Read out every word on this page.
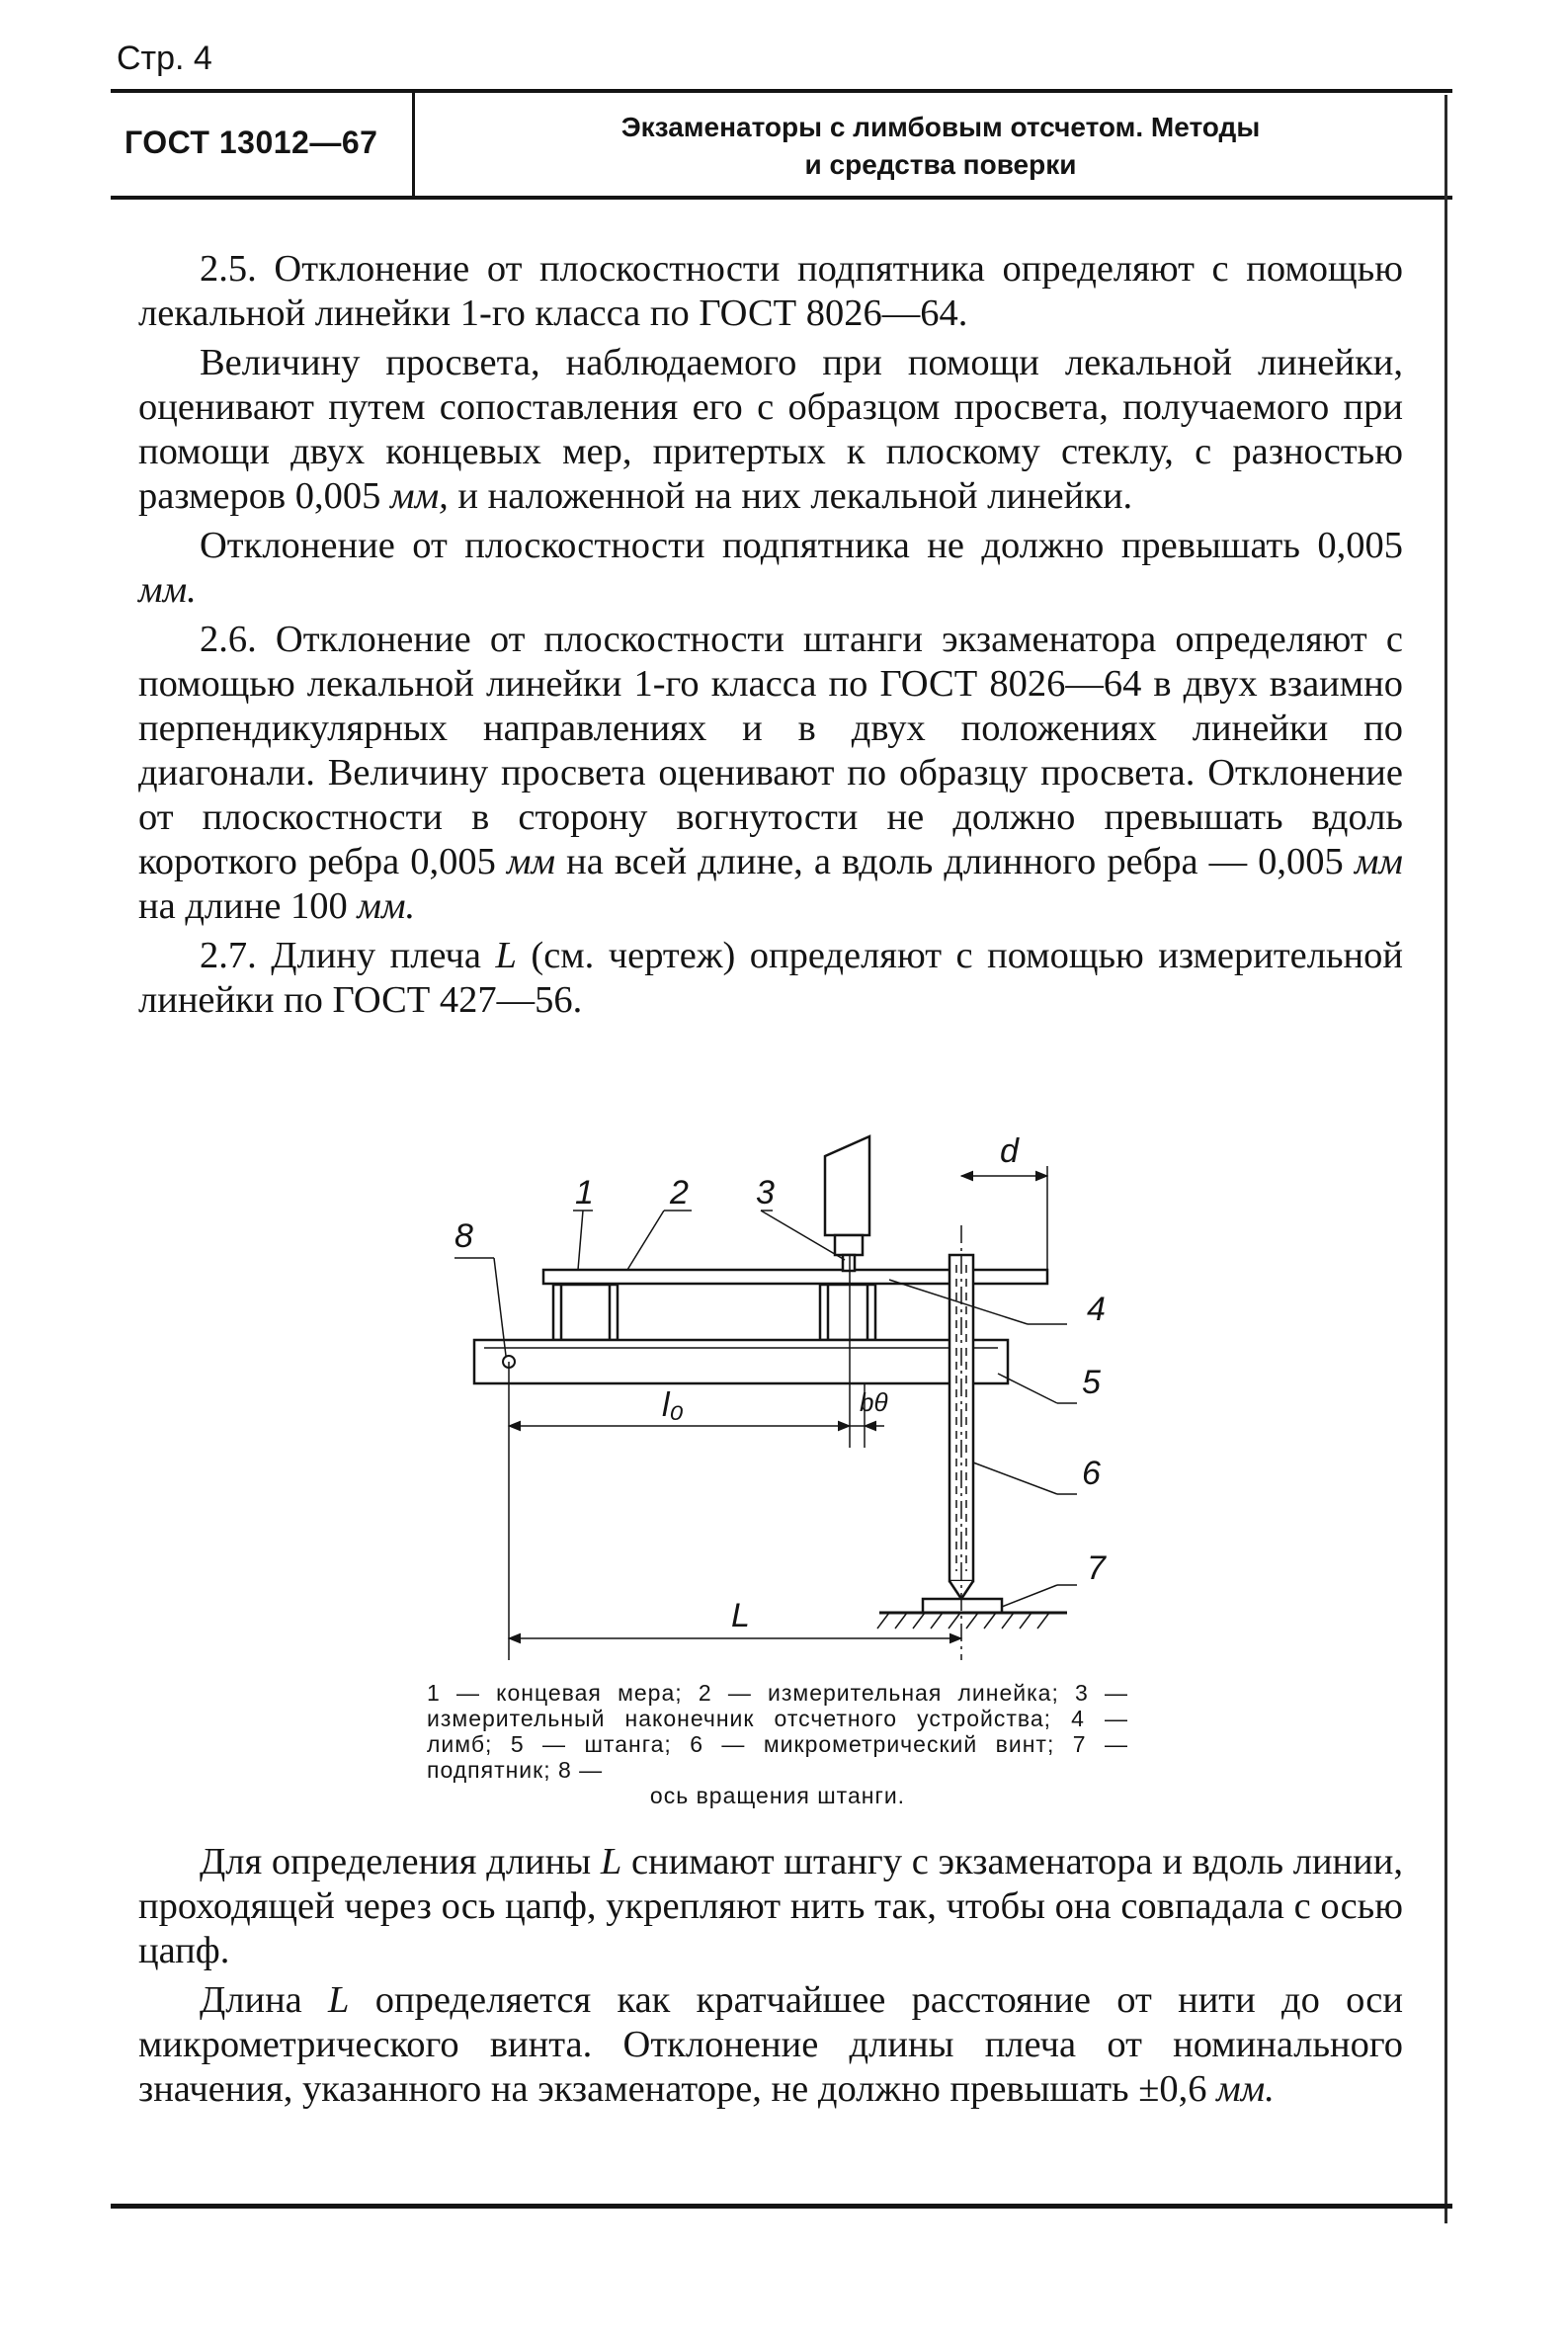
Стр. 4
ГОСТ 13012—67	Экзаменаторы с лимбовым отсчетом. Методы
и средства поверки

2.5. Отклонение от плоскостности подпятника определяют с помощью лекальной линейки 1-го класса по ГОСТ 8026—64.

Величину просвета, наблюдаемого при помощи лекальной линейки, оценивают путем сопоставления его с образцом просвета, получаемого при помощи двух концевых мер, притертых к плоскому стеклу, с разностью размеров 0,005 мм, и наложенной на них лекальной линейки.

Отклонение от плоскостности подпятника не должно превышать 0,005 мм.

2.6. Отклонение от плоскостности штанги экзаменатора определяют с помощью лекальной линейки 1-го класса по ГОСТ 8026—64 в двух взаимно перпендикулярных направлениях и в двух положениях линейки по диагонали. Величину просвета оценивают по образцу просвета. Отклонение от плоскостности в сторону вогнутости не должно превышать вдоль короткого ребра 0,005 мм на всей длине, а вдоль длинного ребра — 0,005 мм на длине 100 мм.

2.7. Длину плеча L (см. чертеж) определяют с помощью измерительной линейки по ГОСТ 427—56.

1 2 3
4
5
6
7
8
d
l₀	bθ
L
1 — концевая мера; 2 — измерительная линейка; 3 — измерительный наконечник отсчетного устройства; 4 — лимб; 5 — штанга; 6 — микрометрический винт; 7 — подпятник; 8 —
ось вращения штанги.

Для определения длины L снимают штангу с экзаменатора и вдоль линии, проходящей через ось цапф, укрепляют нить так, чтобы она совпадала с осью цапф.

Длина L определяется как кратчайшее расстояние от нити до оси микрометрического винта. Отклонение длины плеча от номинального значения, указанного на экзаменаторе, не должно превышать ±0,6 мм.
